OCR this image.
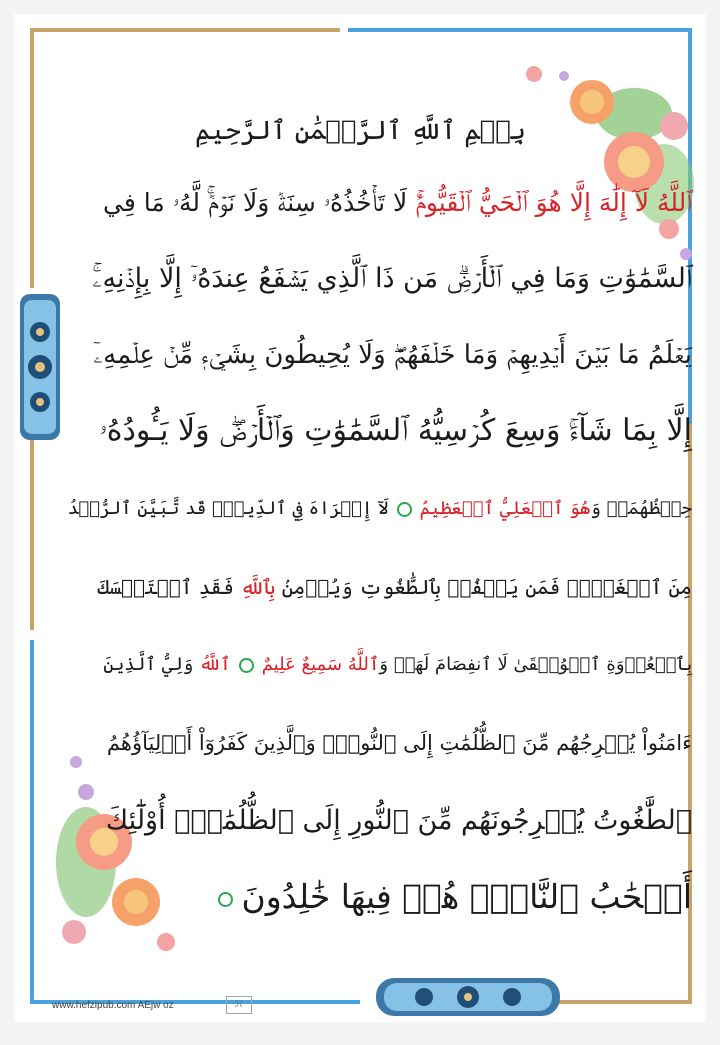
بِسۡمِ ٱللَّهِ ٱلرَّحۡمَٰنِ ٱلرَّحِيمِ
ٱللَّهُ لَآ إِلَٰهَ إِلَّا هُوَ ٱلۡحَيُّ ٱلۡقَيُّومُۚ لَا تَأۡخُذُهُۥ سِنَةٞ وَلَا نَوۡمٞۚ لَّهُۥ مَا فِي
ٱلسَّمَٰوَٰتِ وَمَا فِي ٱلۡأَرۡضِۗ مَن ذَا ٱلَّذِي يَشۡفَعُ عِندَهُۥٓ إِلَّا بِإِذۡنِهِۦۚ
يَعۡلَمُ مَا بَيۡنَ أَيۡدِيهِمۡ وَمَا خَلۡفَهُمۡۖ وَلَا يُحِيطُونَ بِشَيۡءٖ مِّنۡ عِلۡمِهِۦٓ
إِلَّا بِمَا شَآءَۚ وَسِعَ كُرۡسِيُّهُ ٱلسَّمَٰوَٰتِ وَٱلۡأَرۡضَۖ وَلَا يَـُٔودُهُۥ
حِفۡظُهُمَاۚ وَهُوَ ٱلۡعَلِيُّ ٱلۡعَظِيمُلَآ إِكۡرَاهَ فِي ٱلدِّينِۖ قَد تَّبَيَّنَ ٱلرُّشۡدُ
مِنَ ٱلۡغَيِّۚ فَمَن يَكۡفُرۡ بِٱلطَّٰغُوتِ وَيُؤۡمِنۢ بِٱللَّهِ فَقَدِ ٱسۡتَمۡسَكَ
بِٱلۡعُرۡوَةِ ٱلۡوُثۡقَىٰ لَا ٱنفِصَامَ لَهَاۗ وَٱللَّهُ سَمِيعٌ عَلِيمٌٱللَّهُ وَلِيُّ ٱلَّذِينَ
ءَامَنُواْ يُخۡرِجُهُم مِّنَ ٱلظُّلُمَٰتِ إِلَى ٱلنُّورِۖ وَٱلَّذِينَ كَفَرُوٓاْ أَوۡلِيَآؤُهُمُ
ٱلطَّٰغُوتُ يُخۡرِجُونَهُم مِّنَ ٱلنُّورِ إِلَى ٱلظُّلُمَٰتِۗ أُوْلَٰٓئِكَ
أَصۡحَٰبُ ٱلنَّارِۖ هُمۡ فِيهَا خَٰلِدُونَ
www.hefzipub.com AEjw oz	ℋ
